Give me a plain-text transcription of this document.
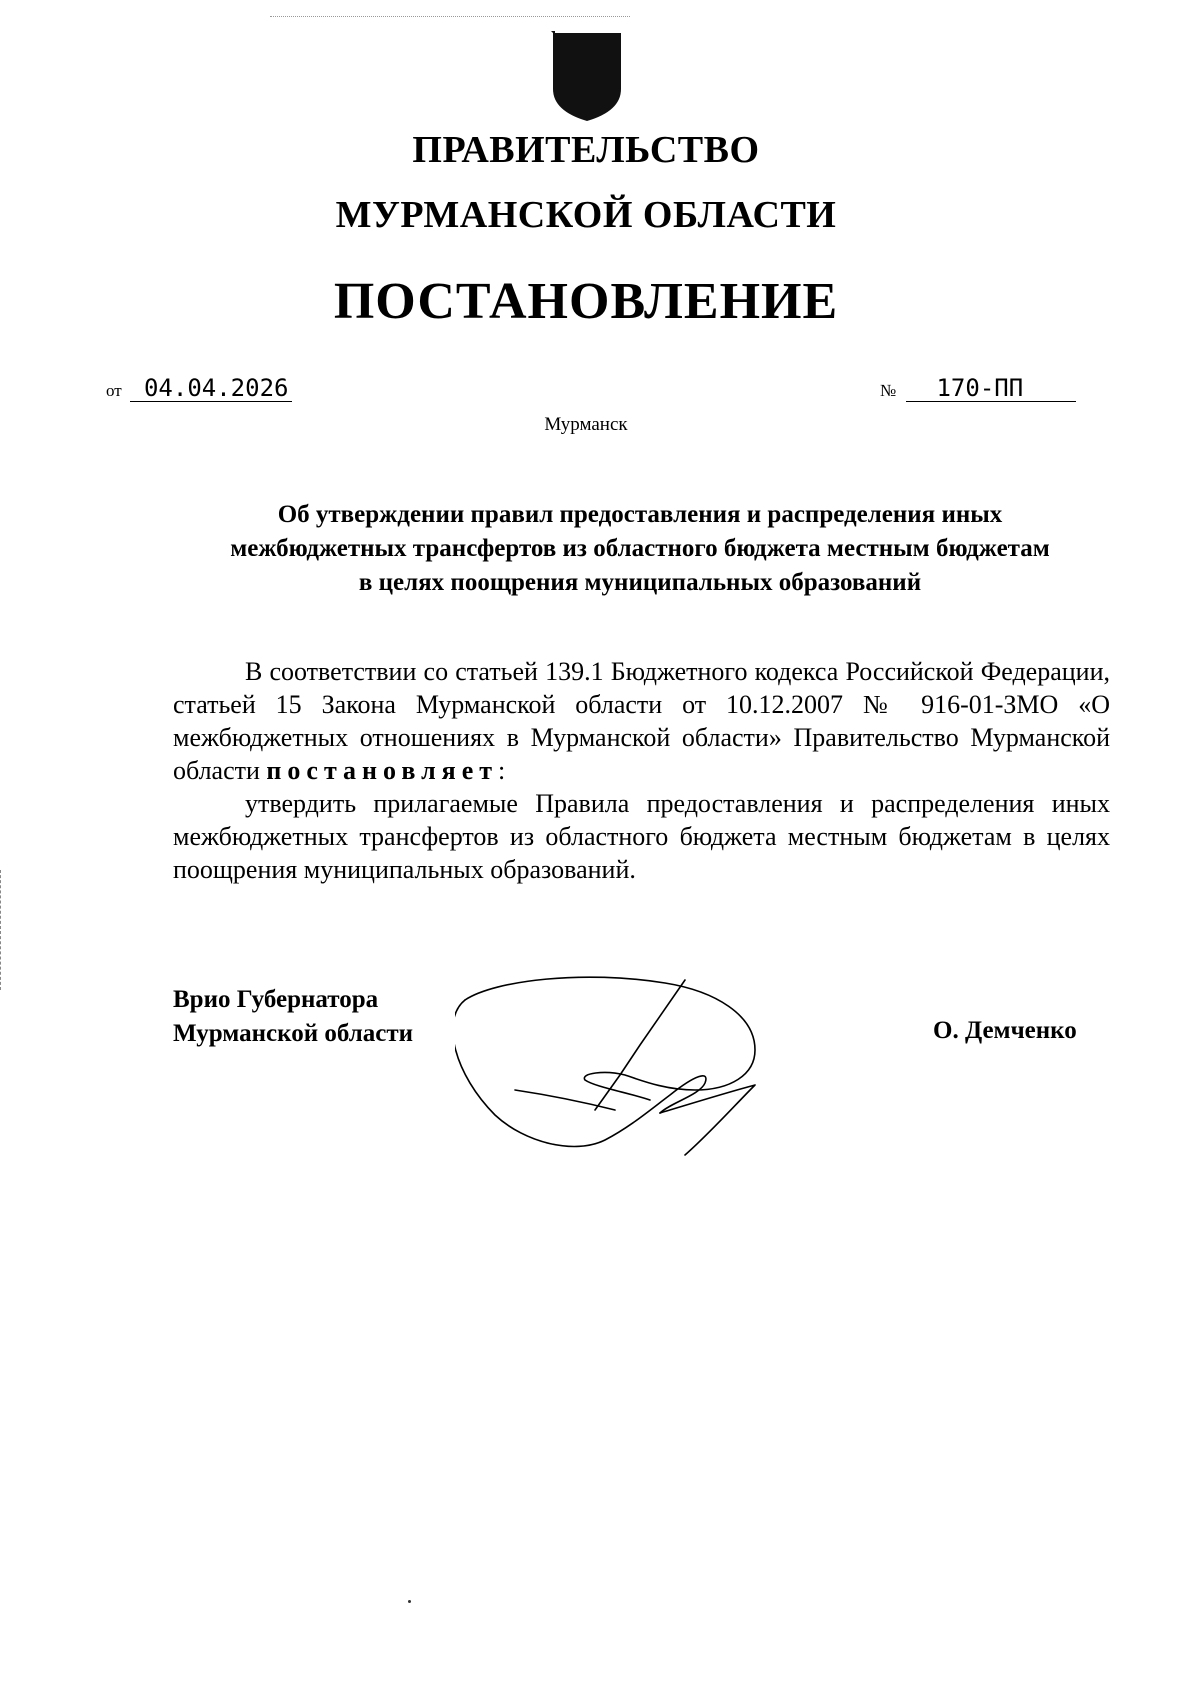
ПРАВИТЕЛЬСТВО
МУРМАНСКОЙ ОБЛАСТИ
ПОСТАНОВЛЕНИЕ
от 04.04.2026	№ 170-ПП
Мурманск
Об утверждении правил предоставления и распределения иных
межбюджетных трансфертов из областного бюджета местным бюджетам
в целях поощрения муниципальных образований

В соответствии со статьей 139.1 Бюджетного кодекса Российской Федерации, статьей 15 Закона Мурманской области от 10.12.2007 № 916-01-ЗМО «О межбюджетных отношениях в Мурманской области» Правительство Мурманской области постановляет:

утвердить прилагаемые Правила предоставления и распределения иных межбюджетных трансфертов из областного бюджета местным бюджетам в целях поощрения муниципальных образований.

Врио Губернатора
Мурманской области	О. Демченко
